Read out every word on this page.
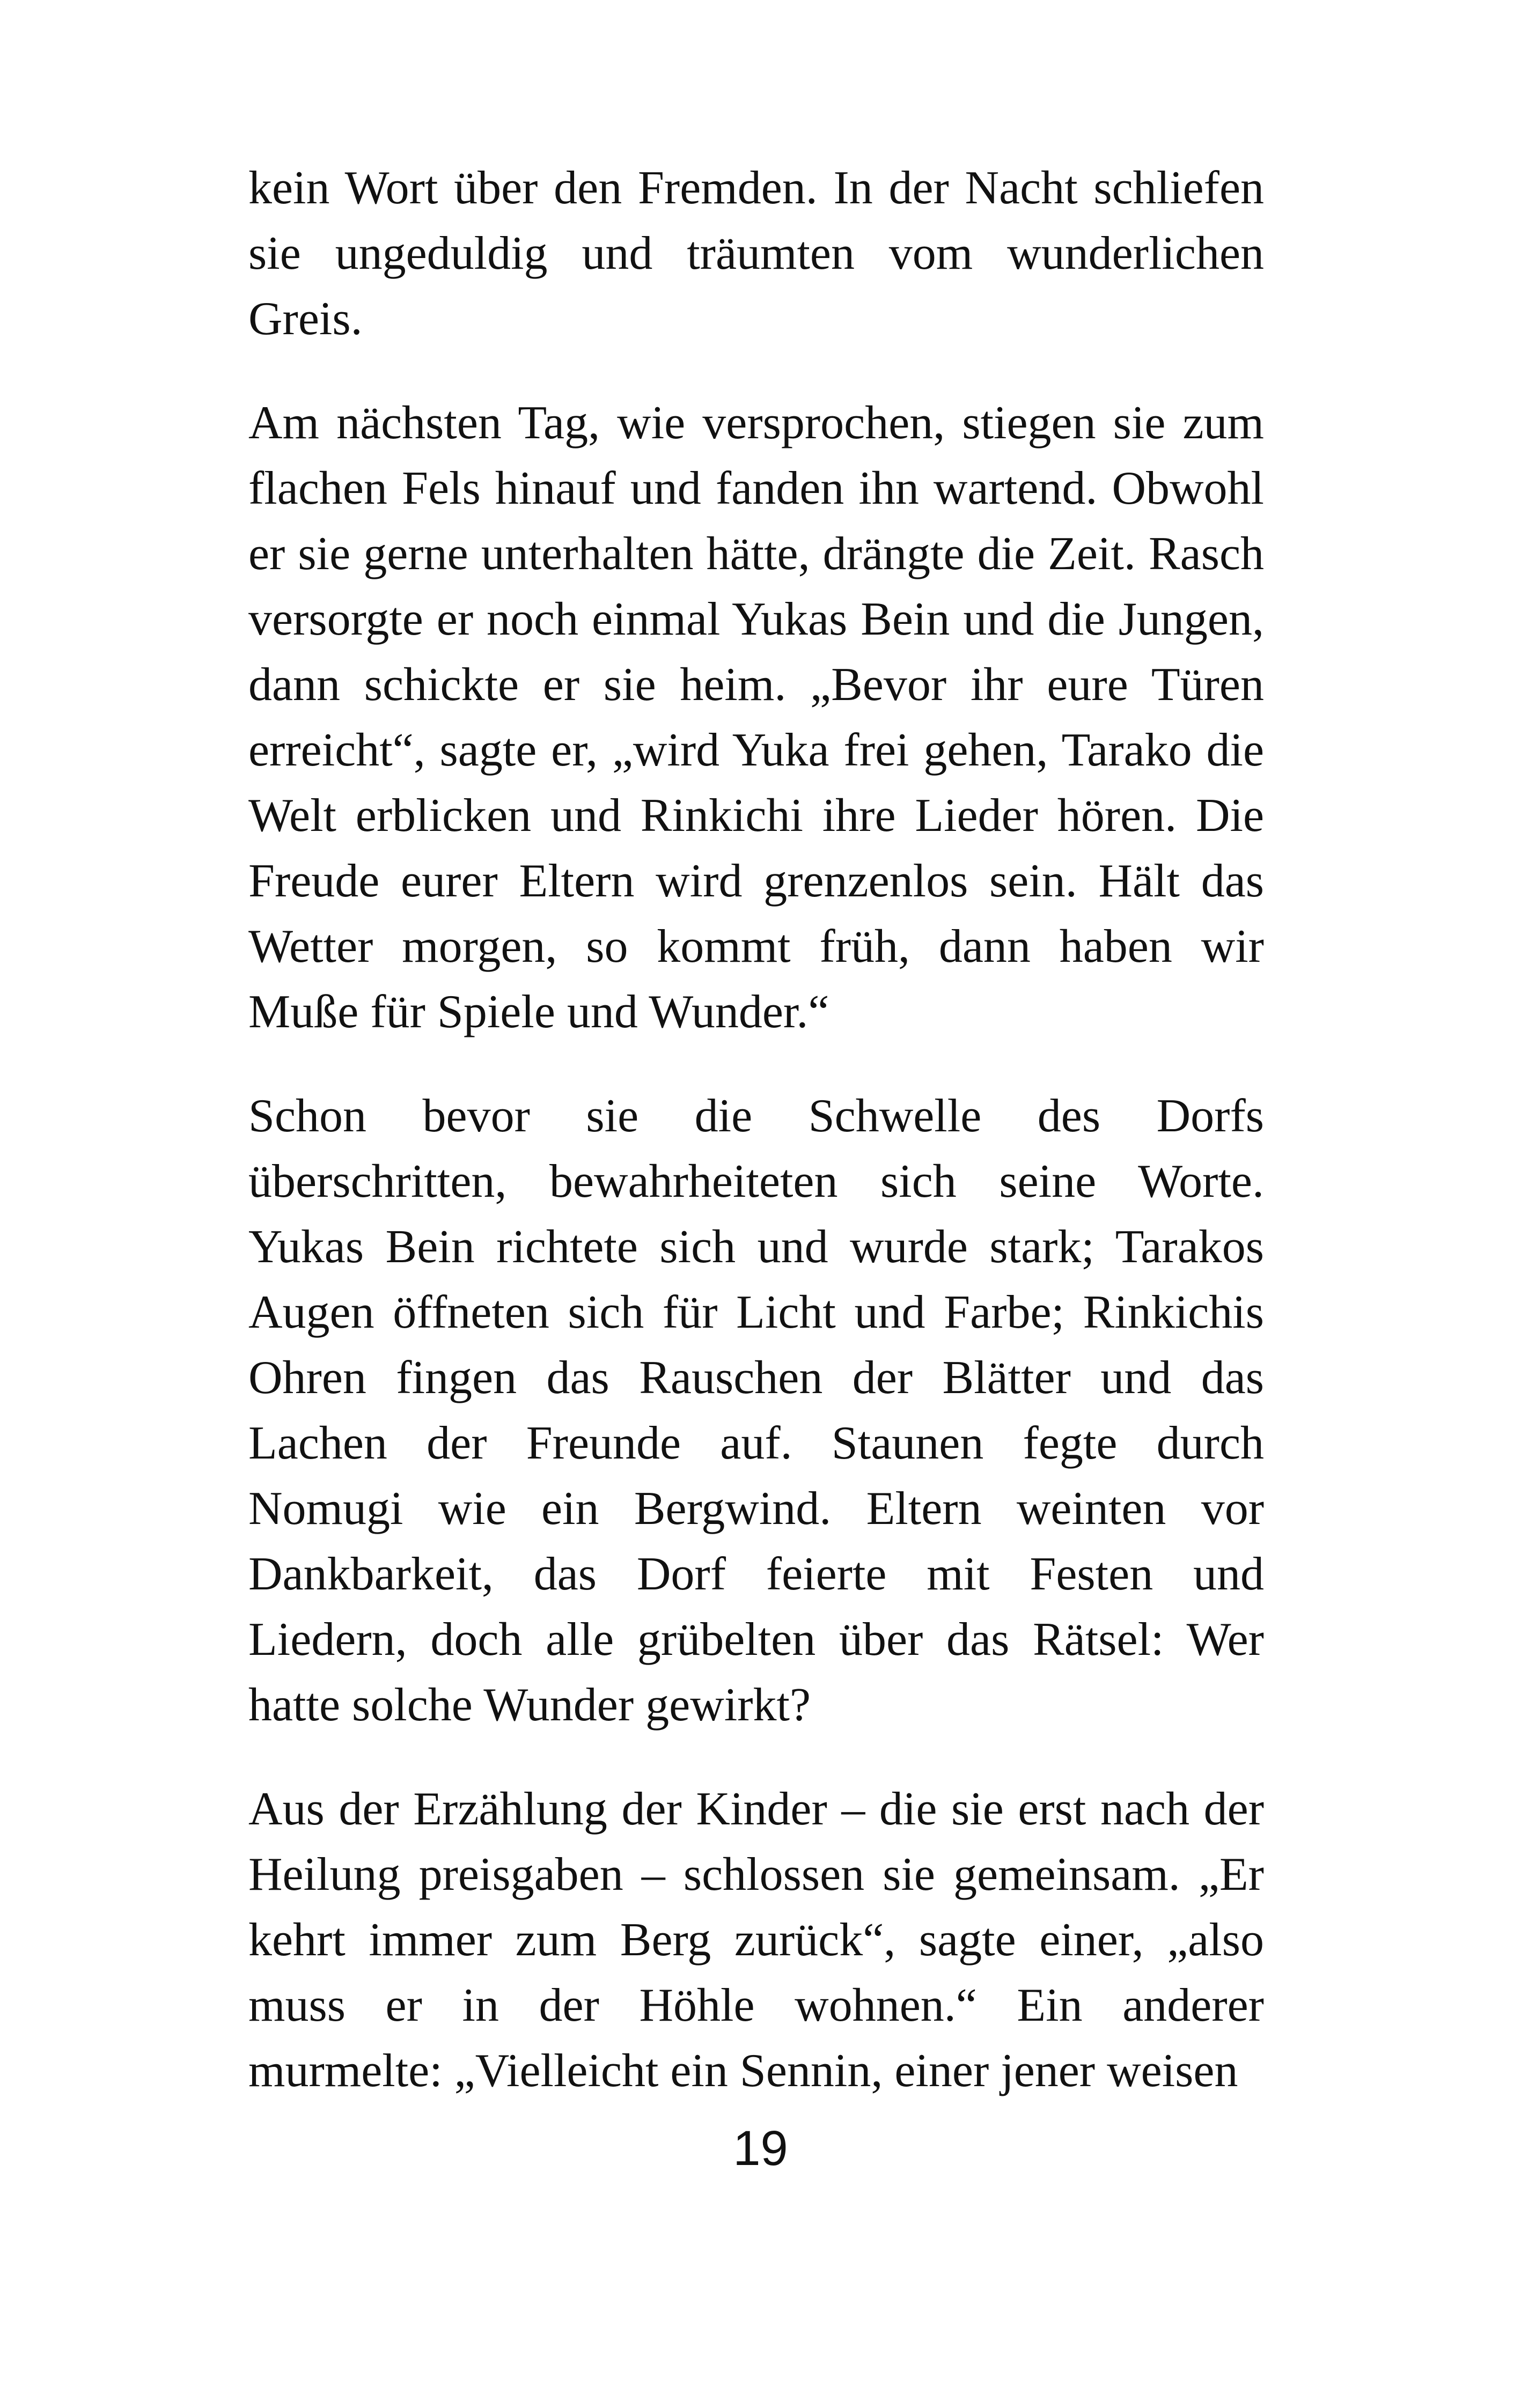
kein Wort über den Fremden. In der Nacht schliefen sie ungeduldig und träumten vom wunderlichen Greis.

Am nächsten Tag, wie versprochen, stiegen sie zum flachen Fels hinauf und fanden ihn wartend. Obwohl er sie gerne unterhalten hätte, drängte die Zeit. Rasch versorgte er noch einmal Yukas Bein und die Jungen, dann schickte er sie heim. „Bevor ihr eure Türen erreicht“, sagte er, „wird Yuka frei gehen, Tarako die Welt erblicken und Rinkichi ihre Lieder hören. Die Freude eurer Eltern wird grenzenlos sein. Hält das Wetter morgen, so kommt früh, dann haben wir Muße für Spiele und Wunder.“

Schon bevor sie die Schwelle des Dorfs überschritten, bewahrheiteten sich seine Worte. Yukas Bein richtete sich und wurde stark; Tarakos Augen öffneten sich für Licht und Farbe; Rinkichis Ohren fingen das Rauschen der Blätter und das Lachen der Freunde auf. Staunen fegte durch Nomugi wie ein Bergwind. Eltern weinten vor Dankbarkeit, das Dorf feierte mit Festen und Liedern, doch alle grübelten über das Rätsel: Wer hatte solche Wunder gewirkt?

Aus der Erzählung der Kinder – die sie erst nach der Heilung preisgaben – schlossen sie gemeinsam. „Er kehrt immer zum Berg zurück“, sagte einer, „also muss er in der Höhle wohnen.“ Ein anderer murmelte: „Vielleicht ein Sennin, einer jener weisen

19
